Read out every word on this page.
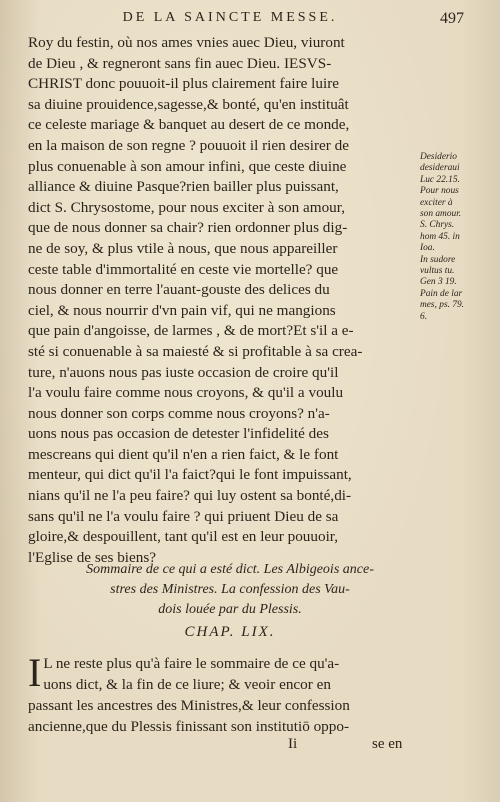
DE LA SAINCTE MESSE.	497
Roy du festin, où nos ames vnies auec Dieu, viuront
de Dieu , & regneront sans fin auec Dieu. IESVS-
CHRIST donc pouuoit-il plus clairement faire luire
sa diuine prouidence,sagesse,& bonté, qu'en instituât
ce celeste mariage & banquet au desert de ce monde,
en la maison de son regne ? pouuoit il rien desirer de
plus conuenable à son amour infini, que ceste diuine
alliance & diuine Pasque?rien bailler plus puissant,
dict S. Chrysostome, pour nous exciter à son amour,
que de nous donner sa chair? rien ordonner plus dig-
ne de soy, & plus vtile à nous, que nous appareiller
ceste table d'immortalité en ceste vie mortelle? que
nous donner en terre l'auant-gouste des delices du
ciel, & nous nourrir d'vn pain vif, qui ne mangions
que pain d'angoisse, de larmes , & de mort?Et s'il a e-
sté si conuenable à sa maiesté & si profitable à sa crea-
ture, n'auons nous pas iuste occasion de croire qu'il
l'a voulu faire comme nous croyons, & qu'il a voulu
nous donner son corps comme nous croyons? n'a-
uons nous pas occasion de detester l'infidelité des
mescreans qui dient qu'il n'en a rien faict, & le font
menteur, qui dict qu'il l'a faict?qui le font impuissant,
nians qu'il ne l'a peu faire? qui luy ostent sa bonté,di-
sans qu'il ne l'a voulu faire ? qui priuent Dieu de sa
gloire,& despouillent, tant qu'il est en leur pouuoir,
l'Eglise de ses biens?
Desiderio
desideraui
Luc 22.15.
Pour nous
exciter à
son amour.
S. Chrys.
hom 45. in
Ioa.
In sudore
vultus tu.
Gen 3 19.
Pain de lar
mes, ps. 79.
6.
Sommaire de ce qui a esté dict. Les Albigeois ance-
stres des Ministres. La confession des Vau-
dois louée par du Plessis.
CHAP. LIX.
I L ne reste plus qu'à faire le sommaire de ce qu'a-
uons dict, & la fin de ce liure; & veoir encor en
passant les ancestres des Ministres,& leur confession
ancienne,que du Plessis finissant son institutiō oppo-
Ii	se en
